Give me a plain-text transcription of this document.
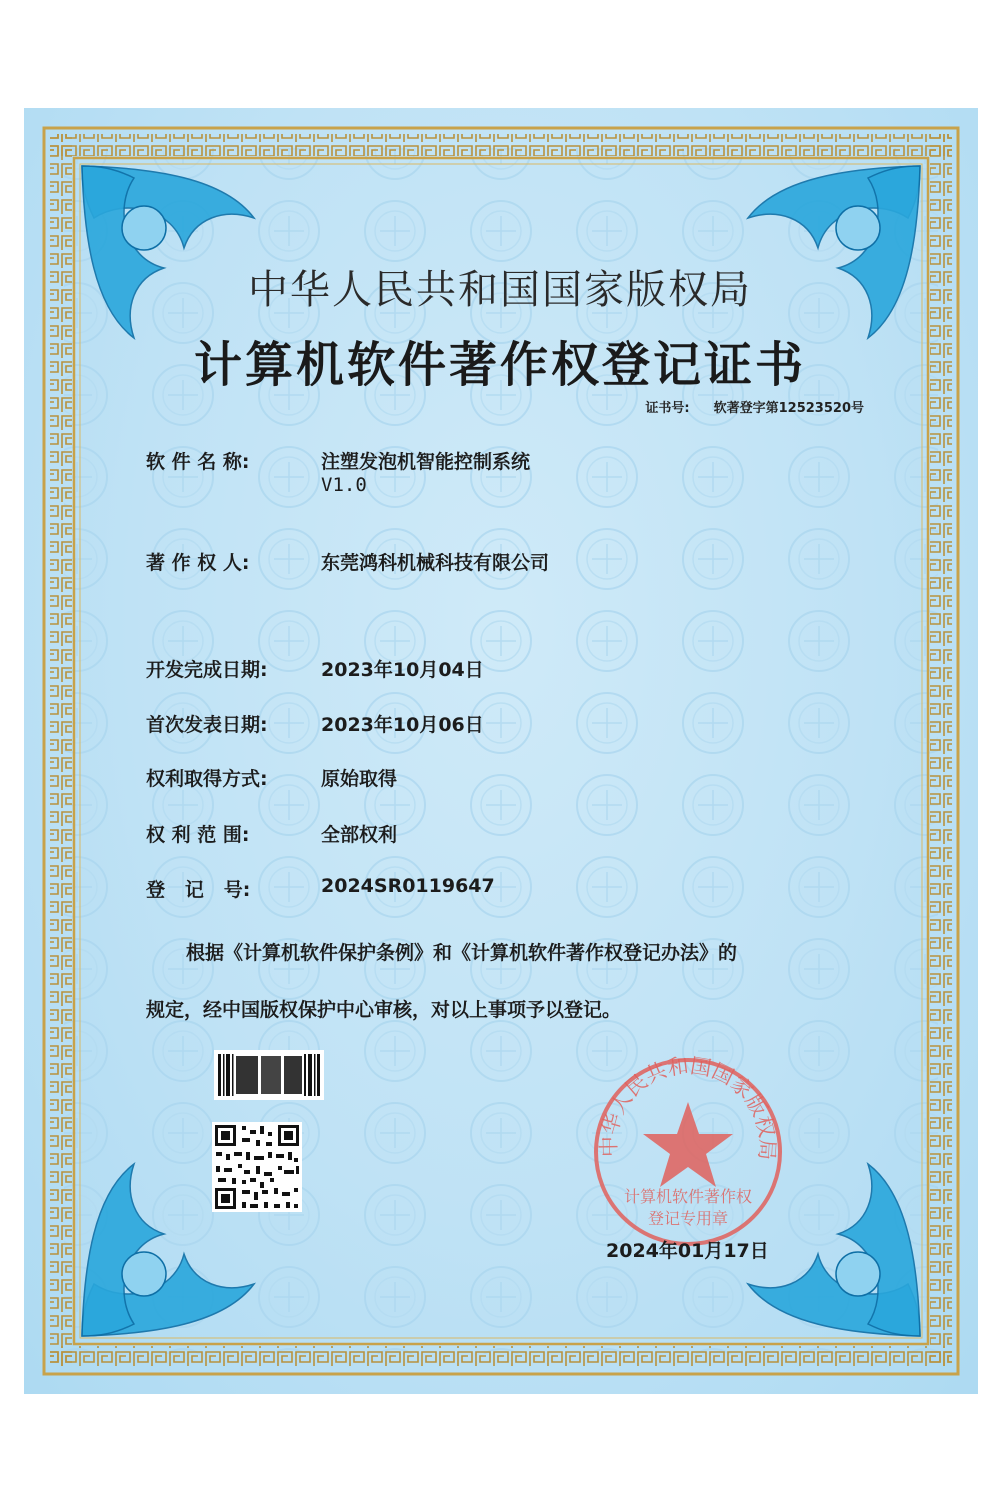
中华人民共和国国家版权局
计算机软件著作权登记证书
证书号: 软著登字第12523520号
软 件 名 称:	注塑发泡机智能控制系统
V1.0
著 作 权 人:	东莞鸿科机械科技有限公司
开发完成日期:	2023年10月04日
首次发表日期:	2023年10月06日
权利取得方式:	原始取得
权 利 范 围:	全部权利
登   记   号:	2024SR0119647
根据《计算机软件保护条例》和《计算机软件著作权登记办法》的
规定，经中国版权保护中心审核，对以上事项予以登记。
中华人民共和国国家版权局
计算机软件著作权
登记专用章
2024年01月17日
